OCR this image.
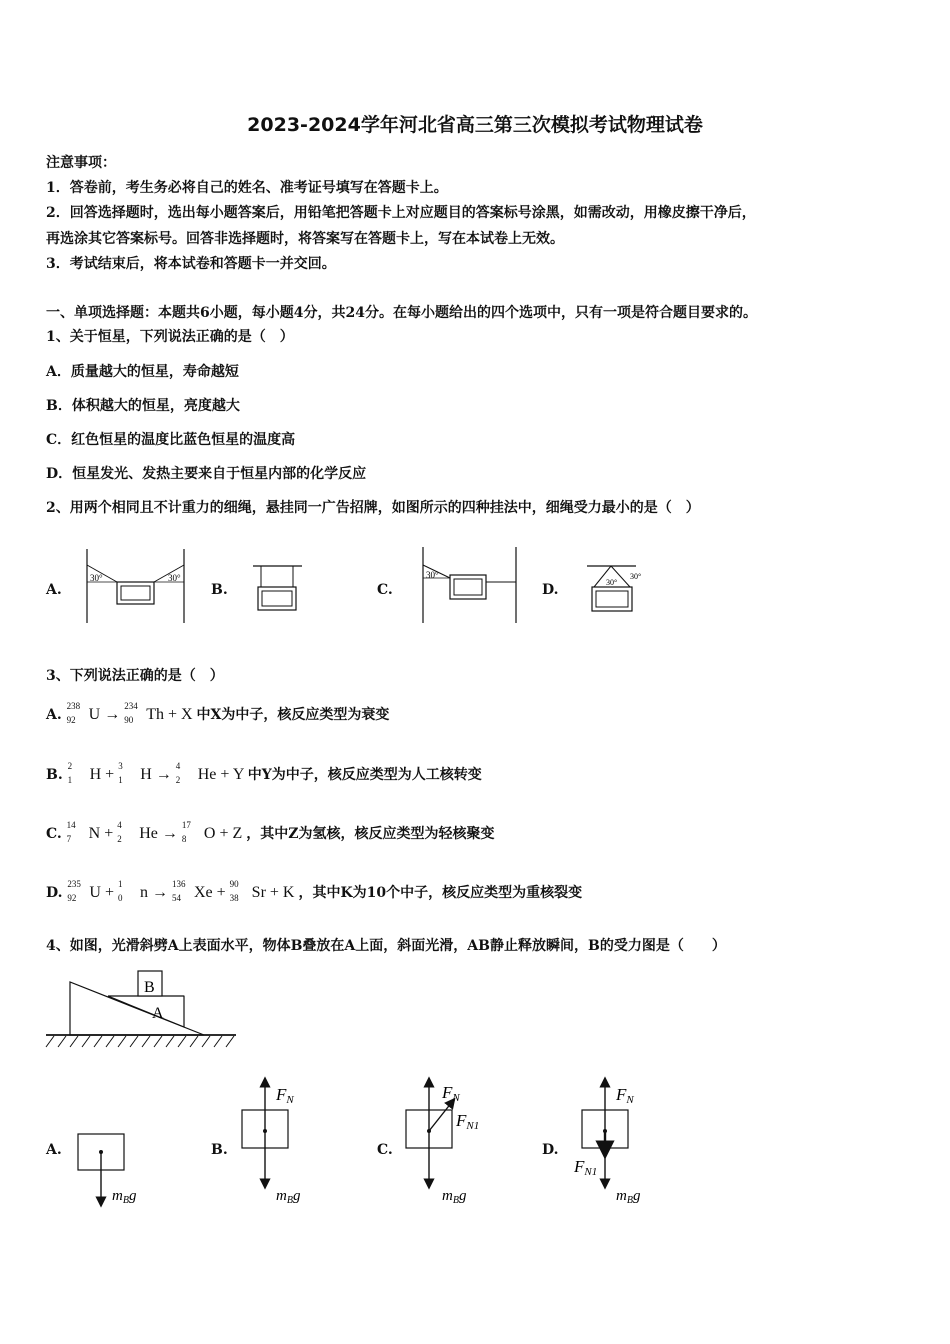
2023-2024学年河北省高三第三次模拟考试物理试卷
注意事项：
1．答卷前，考生务必将自己的姓名、准考证号填写在答题卡上。
2．回答选择题时，选出每小题答案后，用铅笔把答题卡上对应题目的答案标号涂黑，如需改动，用橡皮擦干净后，
再选涂其它答案标号。回答非选择题时，将答案写在答题卡上，写在本试卷上无效。
3．考试结束后，将本试卷和答题卡一并交回。
一、单项选择题：本题共6小题，每小题4分，共24分。在每小题给出的四个选项中，只有一项是符合题目要求的。
1、关于恒星，下列说法正确的是（　）
A．质量越大的恒星，寿命越短
B．体积越大的恒星，亮度越大
C．红色恒星的温度比蓝色恒星的温度高
D．恒星发光、发热主要来自于恒星内部的化学反应
2、用两个相同且不计重力的细绳，悬挂同一广告招牌，如图所示的四种挂法中，细绳受力最小的是（　）
A.
30°	30°
B.	C.
30°
D.	30°
30°
3、下列说法正确的是（　）
A.
238
92 U → 234
90 Th + X 中X为中子，核反应类型为衰变
B.
2
1 H + 3
1 H → 4
2 He + Y 中Y为中子，核反应类型为人工核转变
C.
14
7 N + 4
2 He → 17
8 O + Z ，其中Z为氢核，核反应类型为轻核聚变
D.
235
92 U + 1
0 n → 136
54 Xe + 90
38 Sr + K ，其中K为10个中子，核反应类型为重核裂变
4、如图，光滑斜劈A上表面水平，物体B叠放在A上面，斜面光滑，AB静止释放瞬间，B的受力图是（　　）
B
A
A.
$m_Bg$
B.
FN
$m_Bg$
C.
FN
FN1
$m_Bg$
D.
FN
FN1
$m_Bg$
